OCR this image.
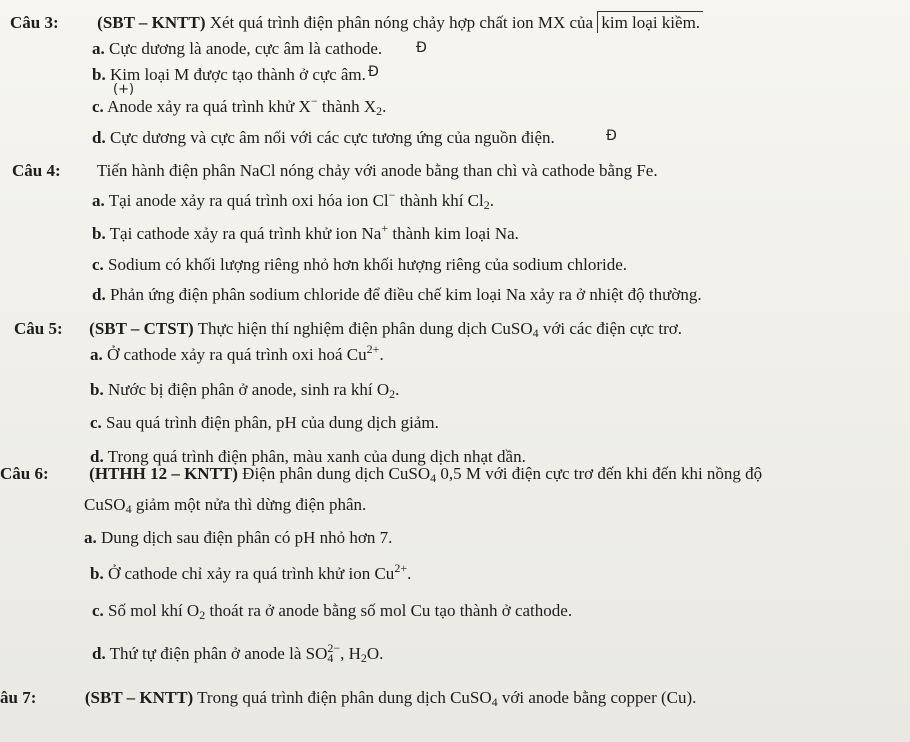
Câu 3: (SBT – KNTT) Xét quá trình điện phân nóng chảy hợp chất ion MX của kim loại kiềm.
a. Cực dương là anode, cực âm là cathode. Đ
b. Kim loại M được tạo thành ở cực âm. Đ
(+)
c. Anode xảy ra quá trình khử X− thành $X_2$.
d. Cực dương và cực âm nối với các cực tương ứng của nguồn điện.	Đ
Câu 4: Tiến hành điện phân NaCl nóng chảy với anode bằng than chì và cathode bằng Fe.
a. Tại anode xảy ra quá trình oxi hóa ion Cl− thành khí $Cl_2$.
b. Tại cathode xảy ra quá trình khử ion Na+ thành kim loại Na.
c. Sodium có khối lượng riêng nhỏ hơn khối hượng riêng của sodium chloride.
d. Phản ứng điện phân sodium chloride để điều chế kim loại Na xảy ra ở nhiệt độ thường.
Câu 5: (SBT – CTST) Thực hiện thí nghiệm điện phân dung dịch CuSO$_4$ với các điện cực trơ.
a. Ở cathode xảy ra quá trình oxi hoá $Cu^{2+}$.
b. Nước bị điện phân ở anode, sinh ra khí $O_2$.
c. Sau quá trình điện phân, pH của dung dịch giảm.
d. Trong quá trình điện phân, màu xanh của dung dịch nhạt dần.
Câu 6: (HTHH 12 – KNTT) Điện phân dung dịch CuSO$_4$ 0,5 M với điện cực trơ đến khi đến khi nồng độ
CuSO$_4$ giảm một nửa thì dừng điện phân.
a. Dung dịch sau điện phân có pH nhỏ hơn 7.
b. Ở cathode chỉ xảy ra quá trình khử ion $Cu^{2+}$.
c. Số mol khí $O_2$ thoát ra ở anode bằng số mol Cu tạo thành ở cathode.
d. Thứ tự điện phân ở anode là $SO_4^{2-}$, $H_2O$.
âu 7:	(SBT – KNTT) Trong quá trình điện phân dung dịch CuSO$_4$ với anode bằng copper (Cu).
